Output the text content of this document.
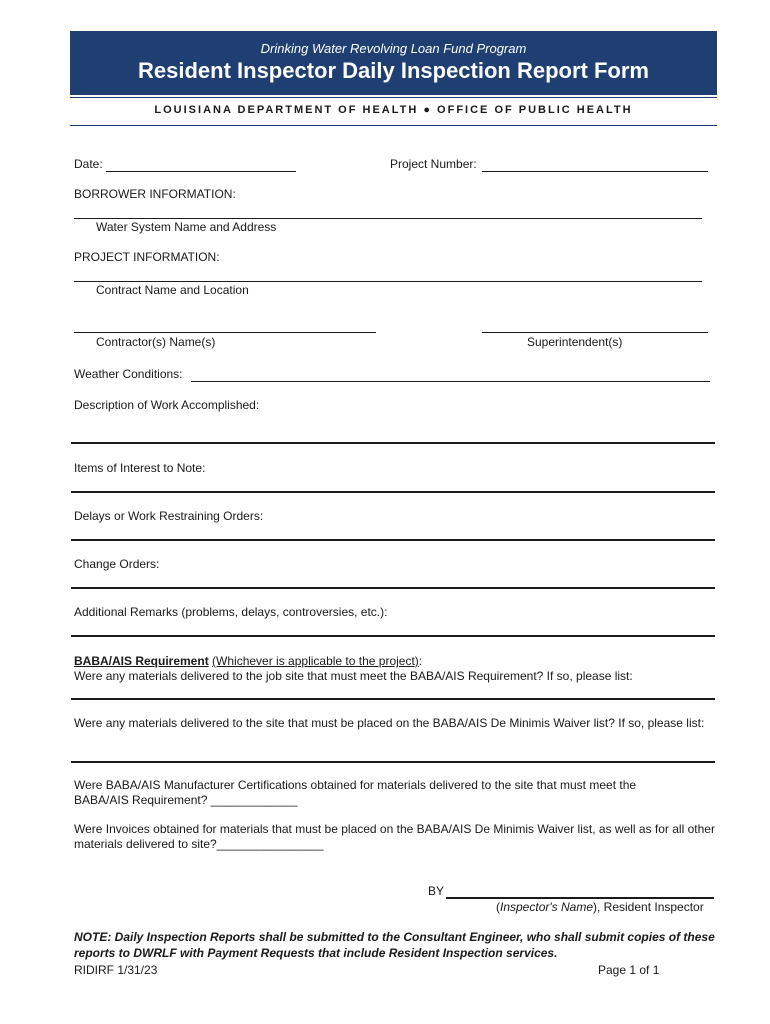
Drinking Water Revolving Loan Fund Program
Resident Inspector Daily Inspection Report Form
LOUISIANA DEPARTMENT OF HEALTH ● OFFICE OF PUBLIC HEALTH
Date:	Project Number:
BORROWER INFORMATION:
Water System Name and Address
PROJECT INFORMATION:
Contract Name and Location
Contractor(s) Name(s)	Superintendent(s)
Weather Conditions:
Description of Work Accomplished:
Items of Interest to Note:
Delays or Work Restraining Orders:
Change Orders:
Additional Remarks (problems, delays, controversies, etc.):
BABA/AIS Requirement (Whichever is applicable to the project):
Were any materials delivered to the job site that must meet the BABA/AIS Requirement? If so, please list:
Were any materials delivered to the site that must be placed on the BABA/AIS De Minimis Waiver list? If so, please list:
Were BABA/AIS Manufacturer Certifications obtained for materials delivered to the site that must meet the BABA/AIS Requirement? _____________
Were Invoices obtained for materials that must be placed on the BABA/AIS De Minimis Waiver list, as well as for all other materials delivered to site?________________
BY
(Inspector's Name), Resident Inspector
NOTE: Daily Inspection Reports shall be submitted to the Consultant Engineer, who shall submit copies of these reports to DWRLF with Payment Requests that include Resident Inspection services.
RIDIRF 1/31/23	Page 1 of 1
